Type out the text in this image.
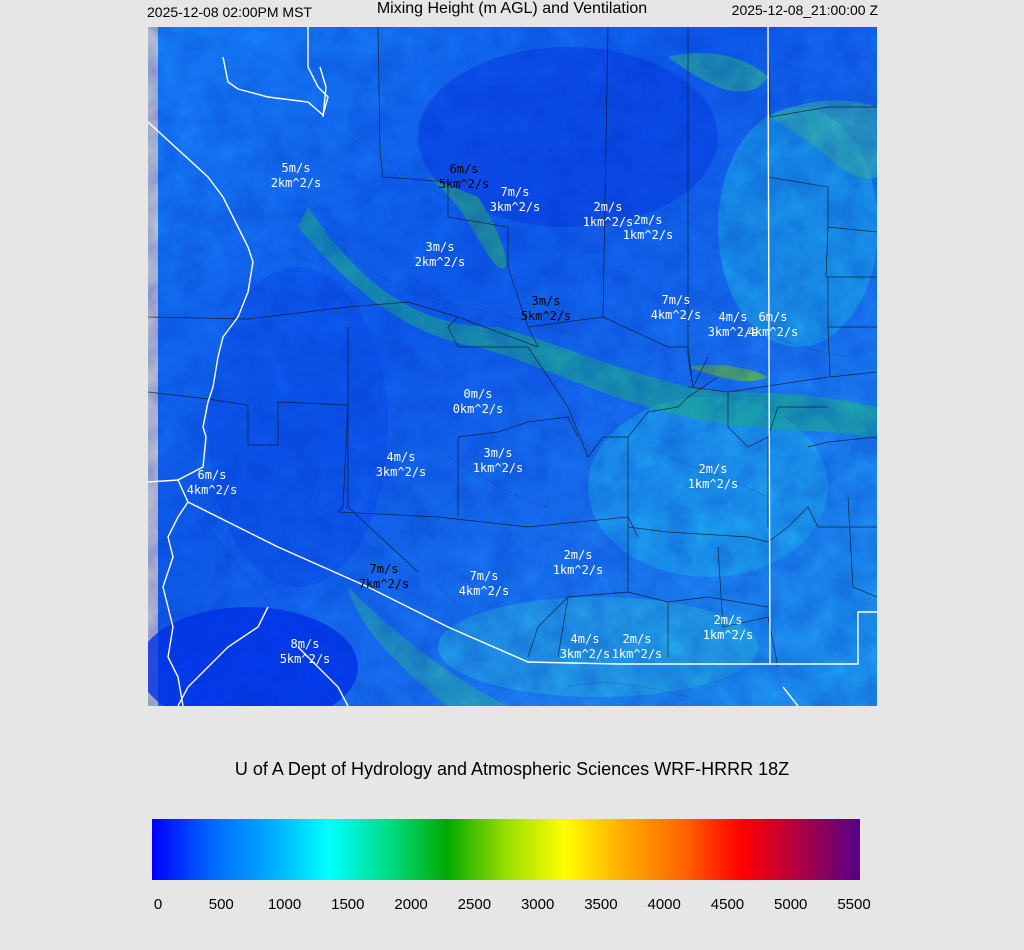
2025-12-08 02:00PM MST	Mixing Height (m AGL) and Ventilation	2025-12-08_21:00:00 Z
5m/s
2km^2/s
6m/s
5km^2/s
7m/s
3km^2/s	2m/s
1km^2/s 2m/s
1km^2/s
3m/s
2km^2/s
3m/s
5km^2/s
7m/s
4km^2/s 4m/s
3km^2/s
6m/s
4km^2/s
0m/s
0km^2/s
4m/s
3km^2/s
3m/s
1km^2/s	2m/s
1km^2/s
6m/s
4km^2/s
2m/s
1km^2/s
7m/s
7km^2/s
7m/s
4km^2/s
2m/s
1km^2/s
4m/s
3km^2/s
2m/s
1km^2/s
8m/s
5km^2/s
U of A Dept of Hydrology and Atmospheric Sciences WRF-HRRR 18Z
0	500 1000 1500 2000 2500 3000 3500 4000 4500 5000 5500
